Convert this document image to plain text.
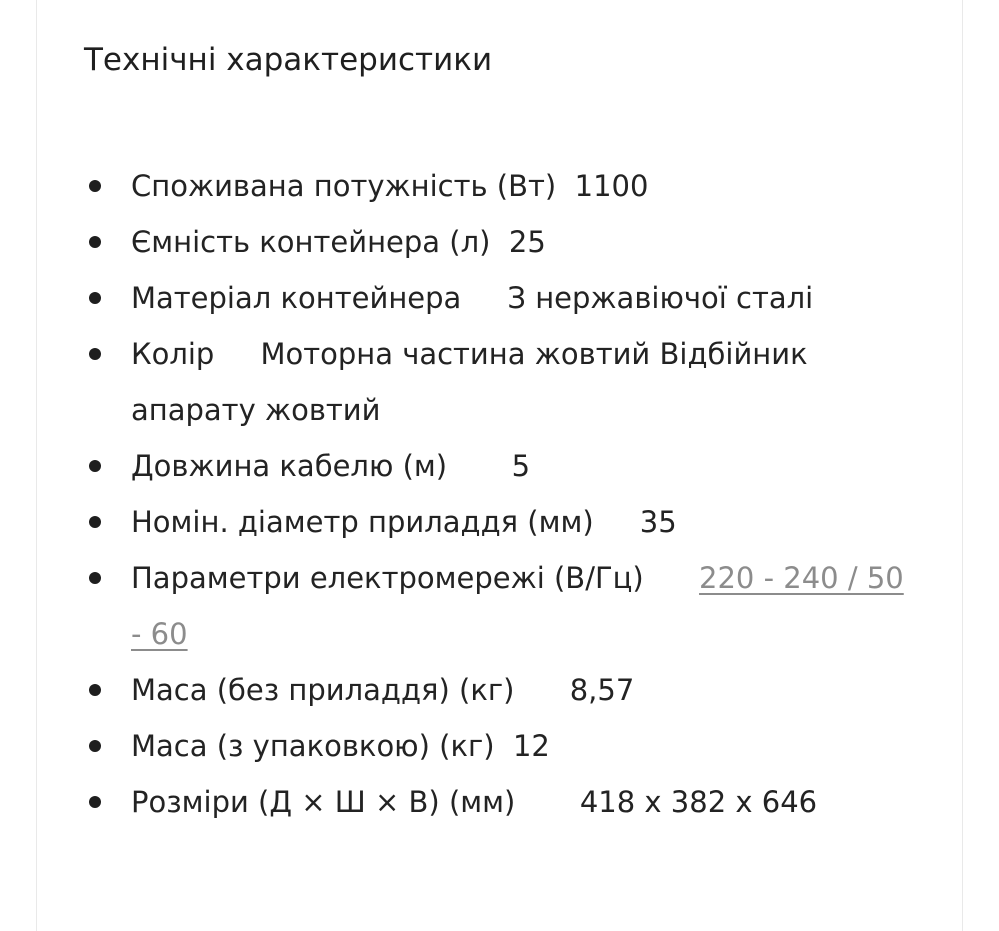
Технічні характеристики
Споживана потужність (Вт) 1100
Ємність контейнера (л) 25
Матеріал контейнера З нержавіючої сталі
Колір Моторна частина жовтий Відбійник апарату жовтий
Довжина кабелю (м) 5
Номін. діаметр приладдя (мм) 35
Параметри електромережі (В/Гц) 220 - 240 / 50 - 60
Маса (без приладдя) (кг) 8,57
Маса (з упаковкою) (кг) 12
Розміри (Д × Ш × В) (мм) 418 x 382 x 646
